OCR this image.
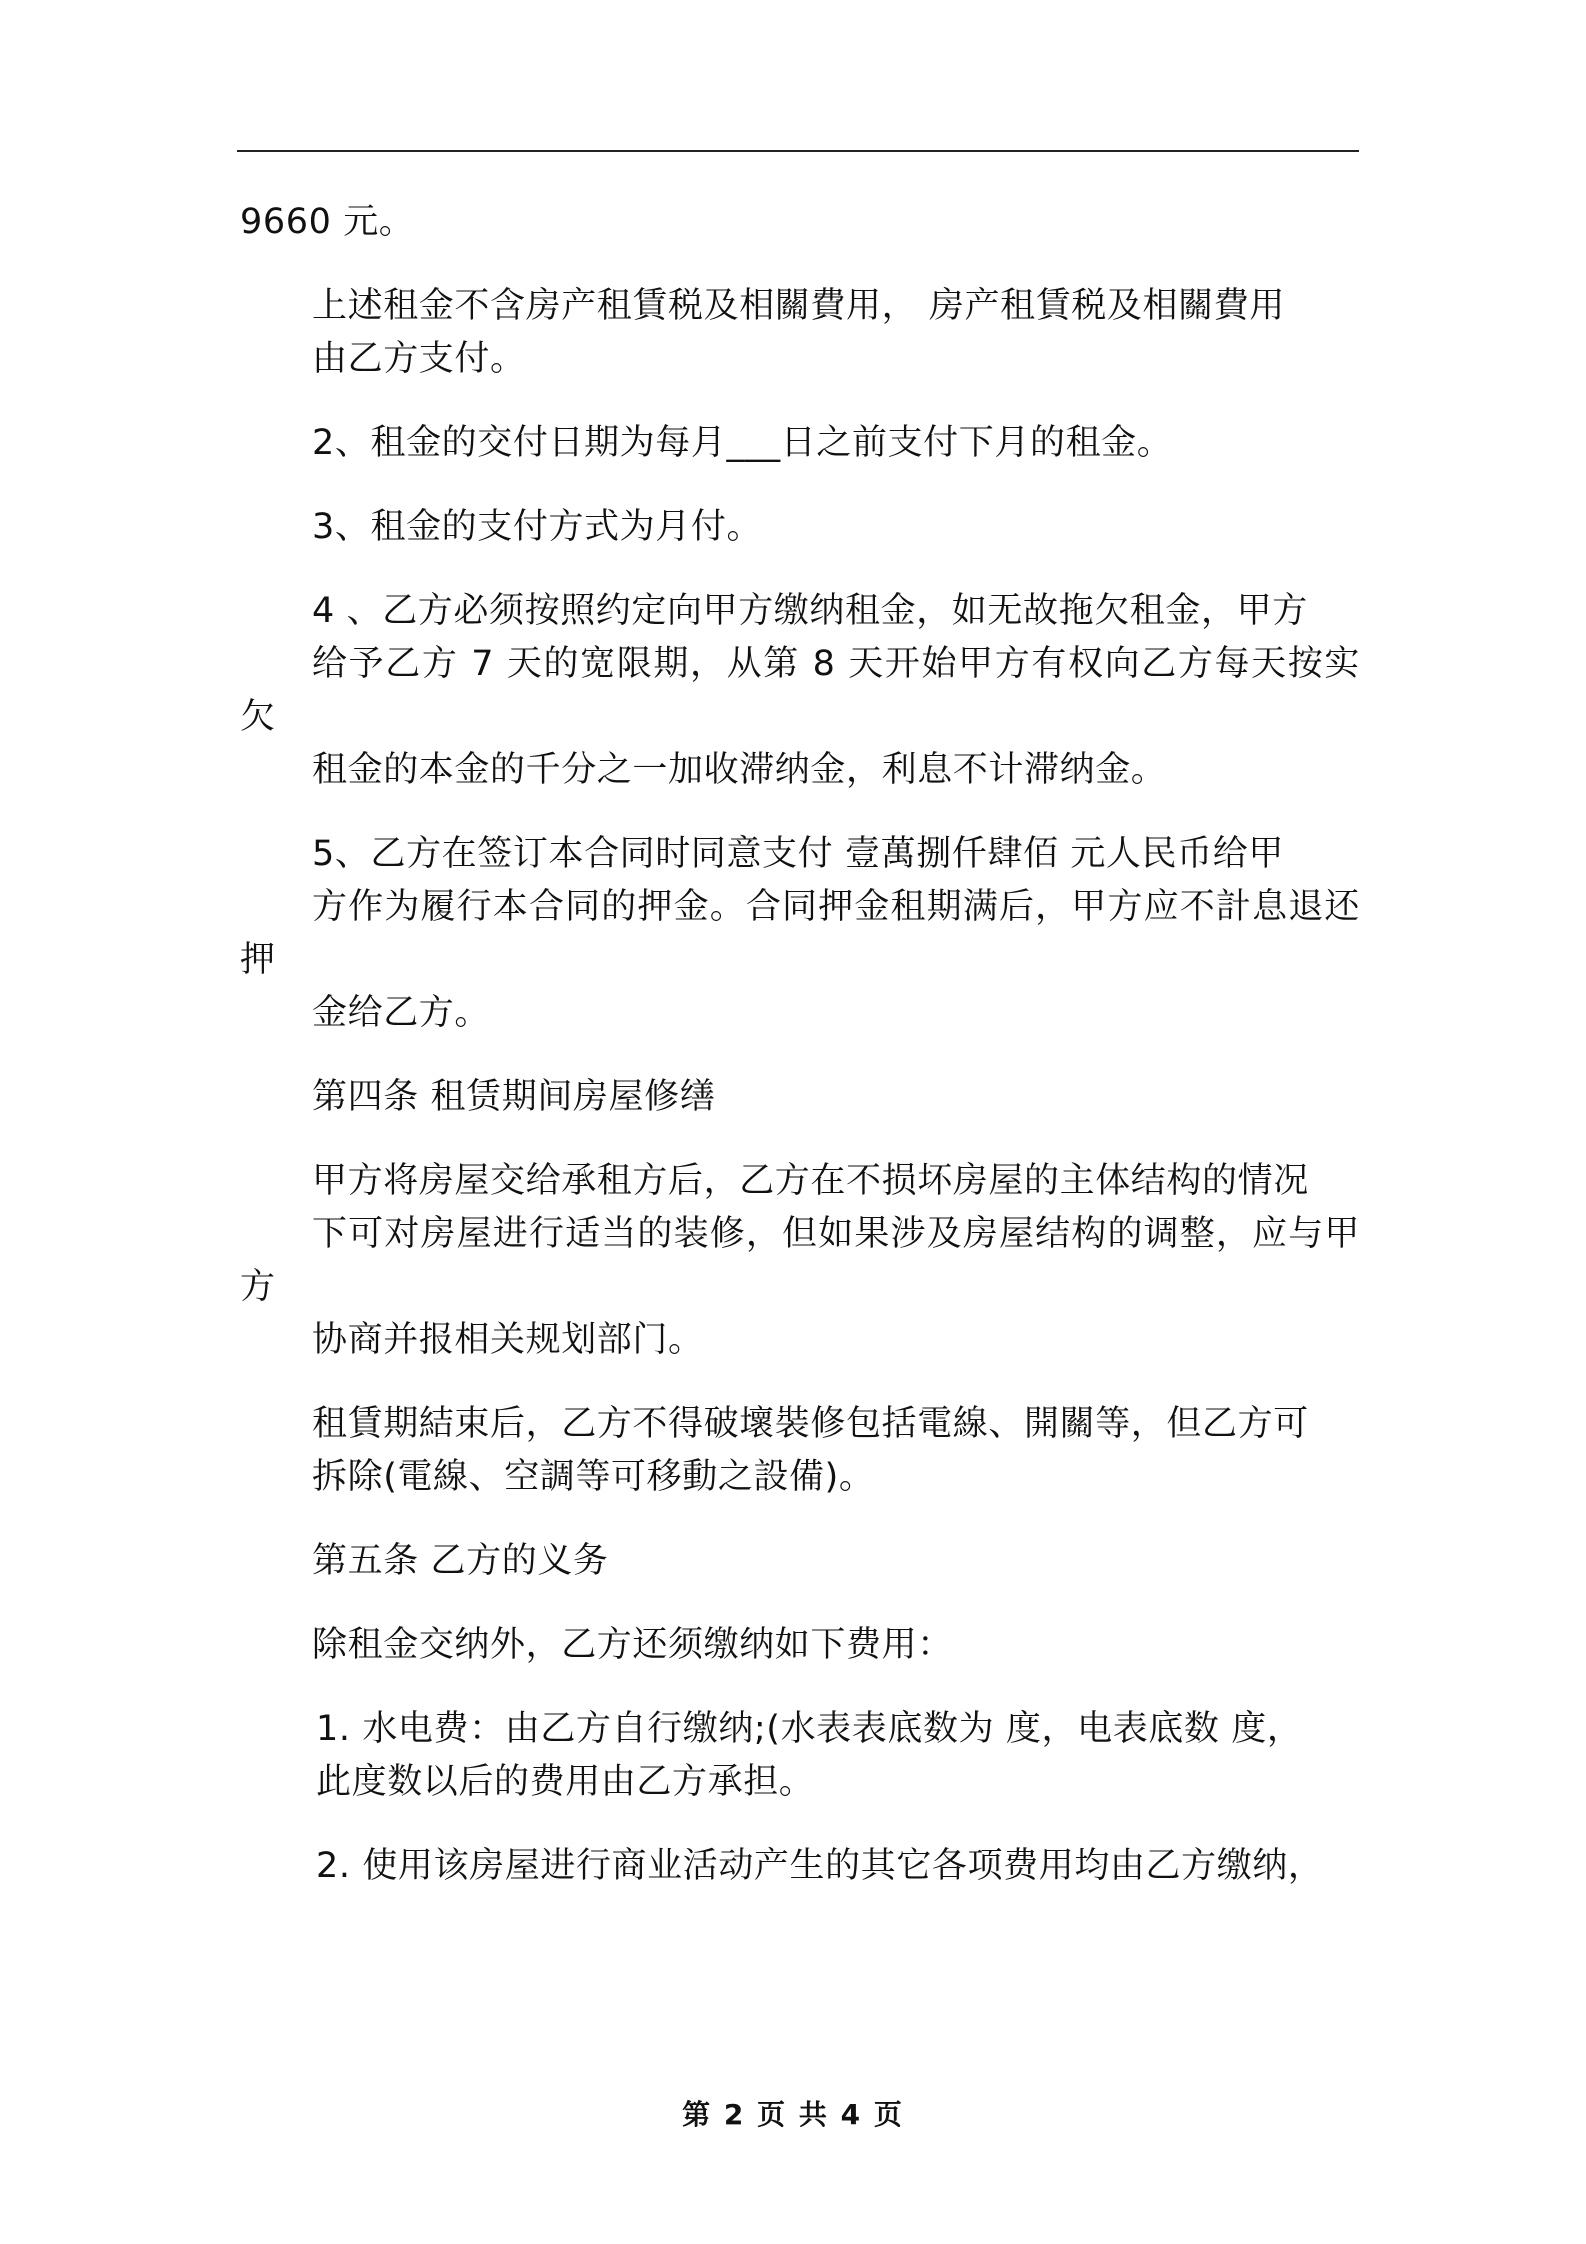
9660 元。

上述租金不含房产租賃税及相關費用， 房产租賃税及相關費用
由乙方支付。

2、租金的交付日期为每月___日之前支付下月的租金。

3、租金的支付方式为月付。

4 、乙方必须按照约定向甲方缴纳租金，如无故拖欠租金，甲方
给予乙方 7 天的宽限期，从第 8 天开始甲方有权向乙方每天按实欠
租金的本金的千分之一加收滞纳金，利息不计滞纳金。

5、乙方在签订本合同时同意支付 壹萬捌仟肆佰 元人民币给甲
方作为履行本合同的押金。合同押金租期满后，甲方应不計息退还押
金给乙方。

第四条 租赁期间房屋修缮

甲方将房屋交给承租方后，乙方在不损坏房屋的主体结构的情况
下可对房屋进行适当的装修，但如果涉及房屋结构的调整，应与甲方
协商并报相关规划部门。

租賃期結束后，乙方不得破壞裝修包括電線、開關等，但乙方可
拆除(電線、空調等可移動之設備)。

第五条 乙方的义务

除租金交纳外，乙方还须缴纳如下费用：

1. 水电费：由乙方自行缴纳;(水表表底数为 度，电表底数 度，
此度数以后的费用由乙方承担。

2. 使用该房屋进行商业活动产生的其它各项费用均由乙方缴纳，

第 2 页 共 4 页
